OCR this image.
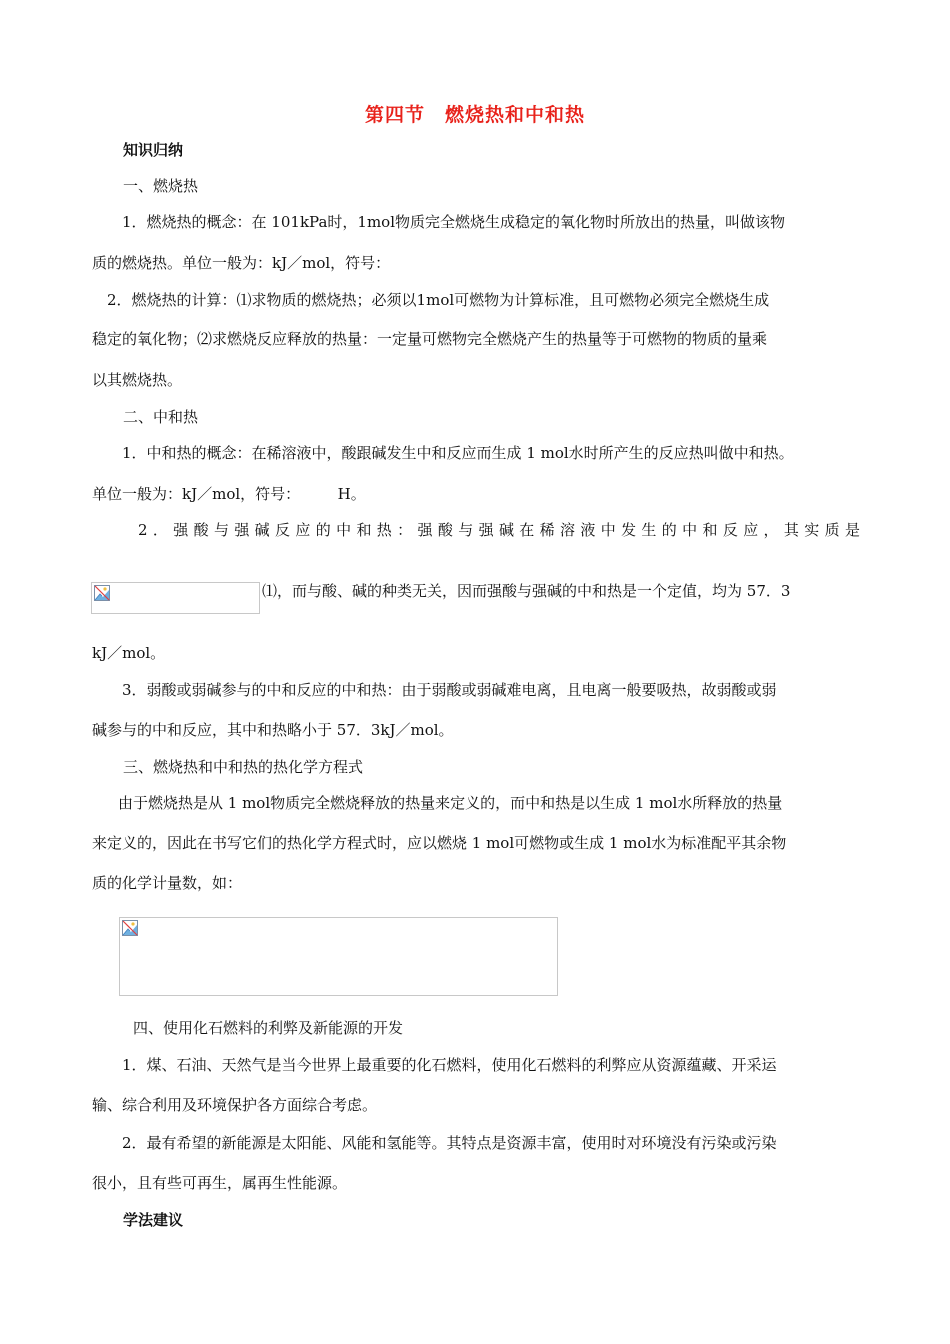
第四节　燃烧热和中和热
知识归纳
一、燃烧热
1．燃烧热的概念：在 101kPa时，1mol物质完全燃烧生成稳定的氧化物时所放出的热量，叫做该物
质的燃烧热。单位一般为：kJ／mol，符号：
2．燃烧热的计算：⑴求物质的燃烧热；必须以1mol可燃物为计算标准，且可燃物必须完全燃烧生成
稳定的氧化物；⑵求燃烧反应释放的热量：一定量可燃物完全燃烧产生的热量等于可燃物的物质的量乘
以其燃烧热。
二、中和热
1．中和热的概念：在稀溶液中，酸跟碱发生中和反应而生成 1 mol水时所产生的反应热叫做中和热。
单位一般为：kJ／mol，符号：　　　H。
2．强酸与强碱反应的中和热：强酸与强碱在稀溶液中发生的中和反应，其实质是
⑴，而与酸、碱的种类无关，因而强酸与强碱的中和热是一个定值，均为 57．3
kJ／mol。
3．弱酸或弱碱参与的中和反应的中和热：由于弱酸或弱碱难电离，且电离一般要吸热，故弱酸或弱
碱参与的中和反应，其中和热略小于 57．3kJ／mol。
三、燃烧热和中和热的热化学方程式
由于燃烧热是从 1 mol物质完全燃烧释放的热量来定义的，而中和热是以生成 1 mol水所释放的热量
来定义的，因此在书写它们的热化学方程式时，应以燃烧 1 mol可燃物或生成 1 mol水为标准配平其余物
质的化学计量数，如：
四、使用化石燃料的利弊及新能源的开发
1．煤、石油、天然气是当今世界上最重要的化石燃料，使用化石燃料的利弊应从资源蕴藏、开采运
输、综合利用及环境保护各方面综合考虑。
2．最有希望的新能源是太阳能、风能和氢能等。其特点是资源丰富，使用时对环境没有污染或污染
很小，且有些可再生，属再生性能源。
学法建议
